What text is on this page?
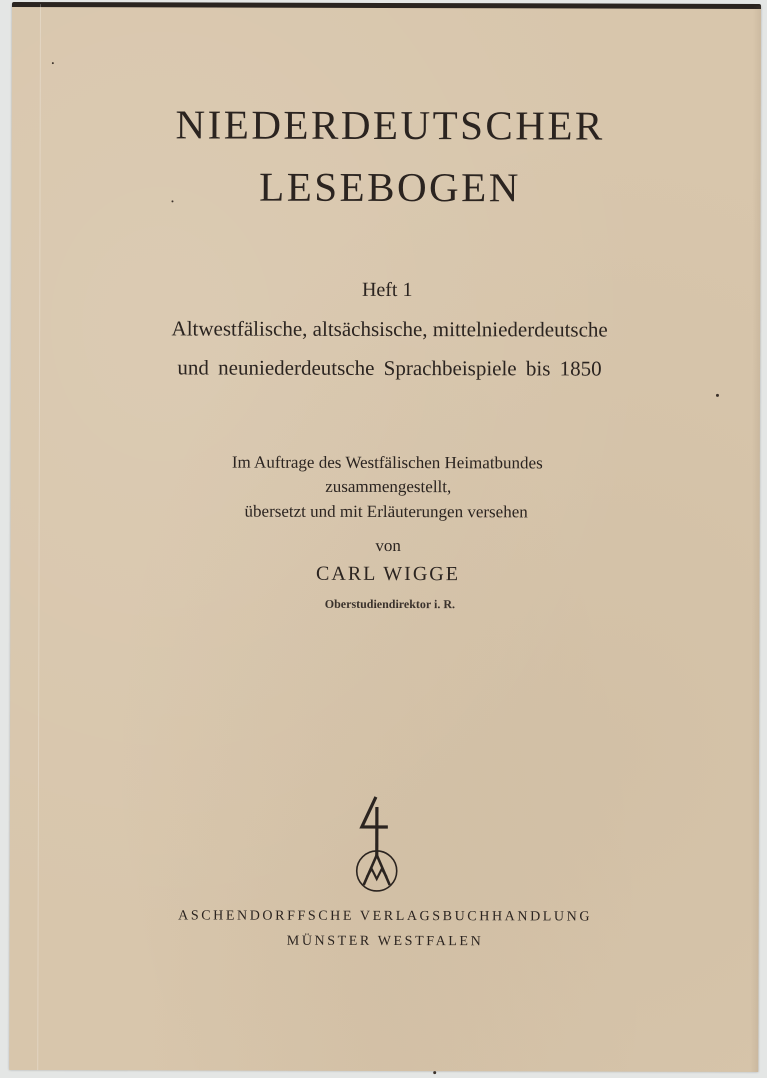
NIEDERDEUTSCHER
LESEBOGEN
Heft 1
Altwestfälische, altsächsische, mittelniederdeutsche
und neuniederdeutsche Sprachbeispiele bis 1850
Im Auftrage des Westfälischen Heimatbundes
zusammengestellt,
übersetzt und mit Erläuterungen versehen
von
CARL WIGGE
Oberstudiendirektor i. R.
ASCHENDORFFSCHE VERLAGSBUCHHANDLUNG
MÜNSTER WESTFALEN
